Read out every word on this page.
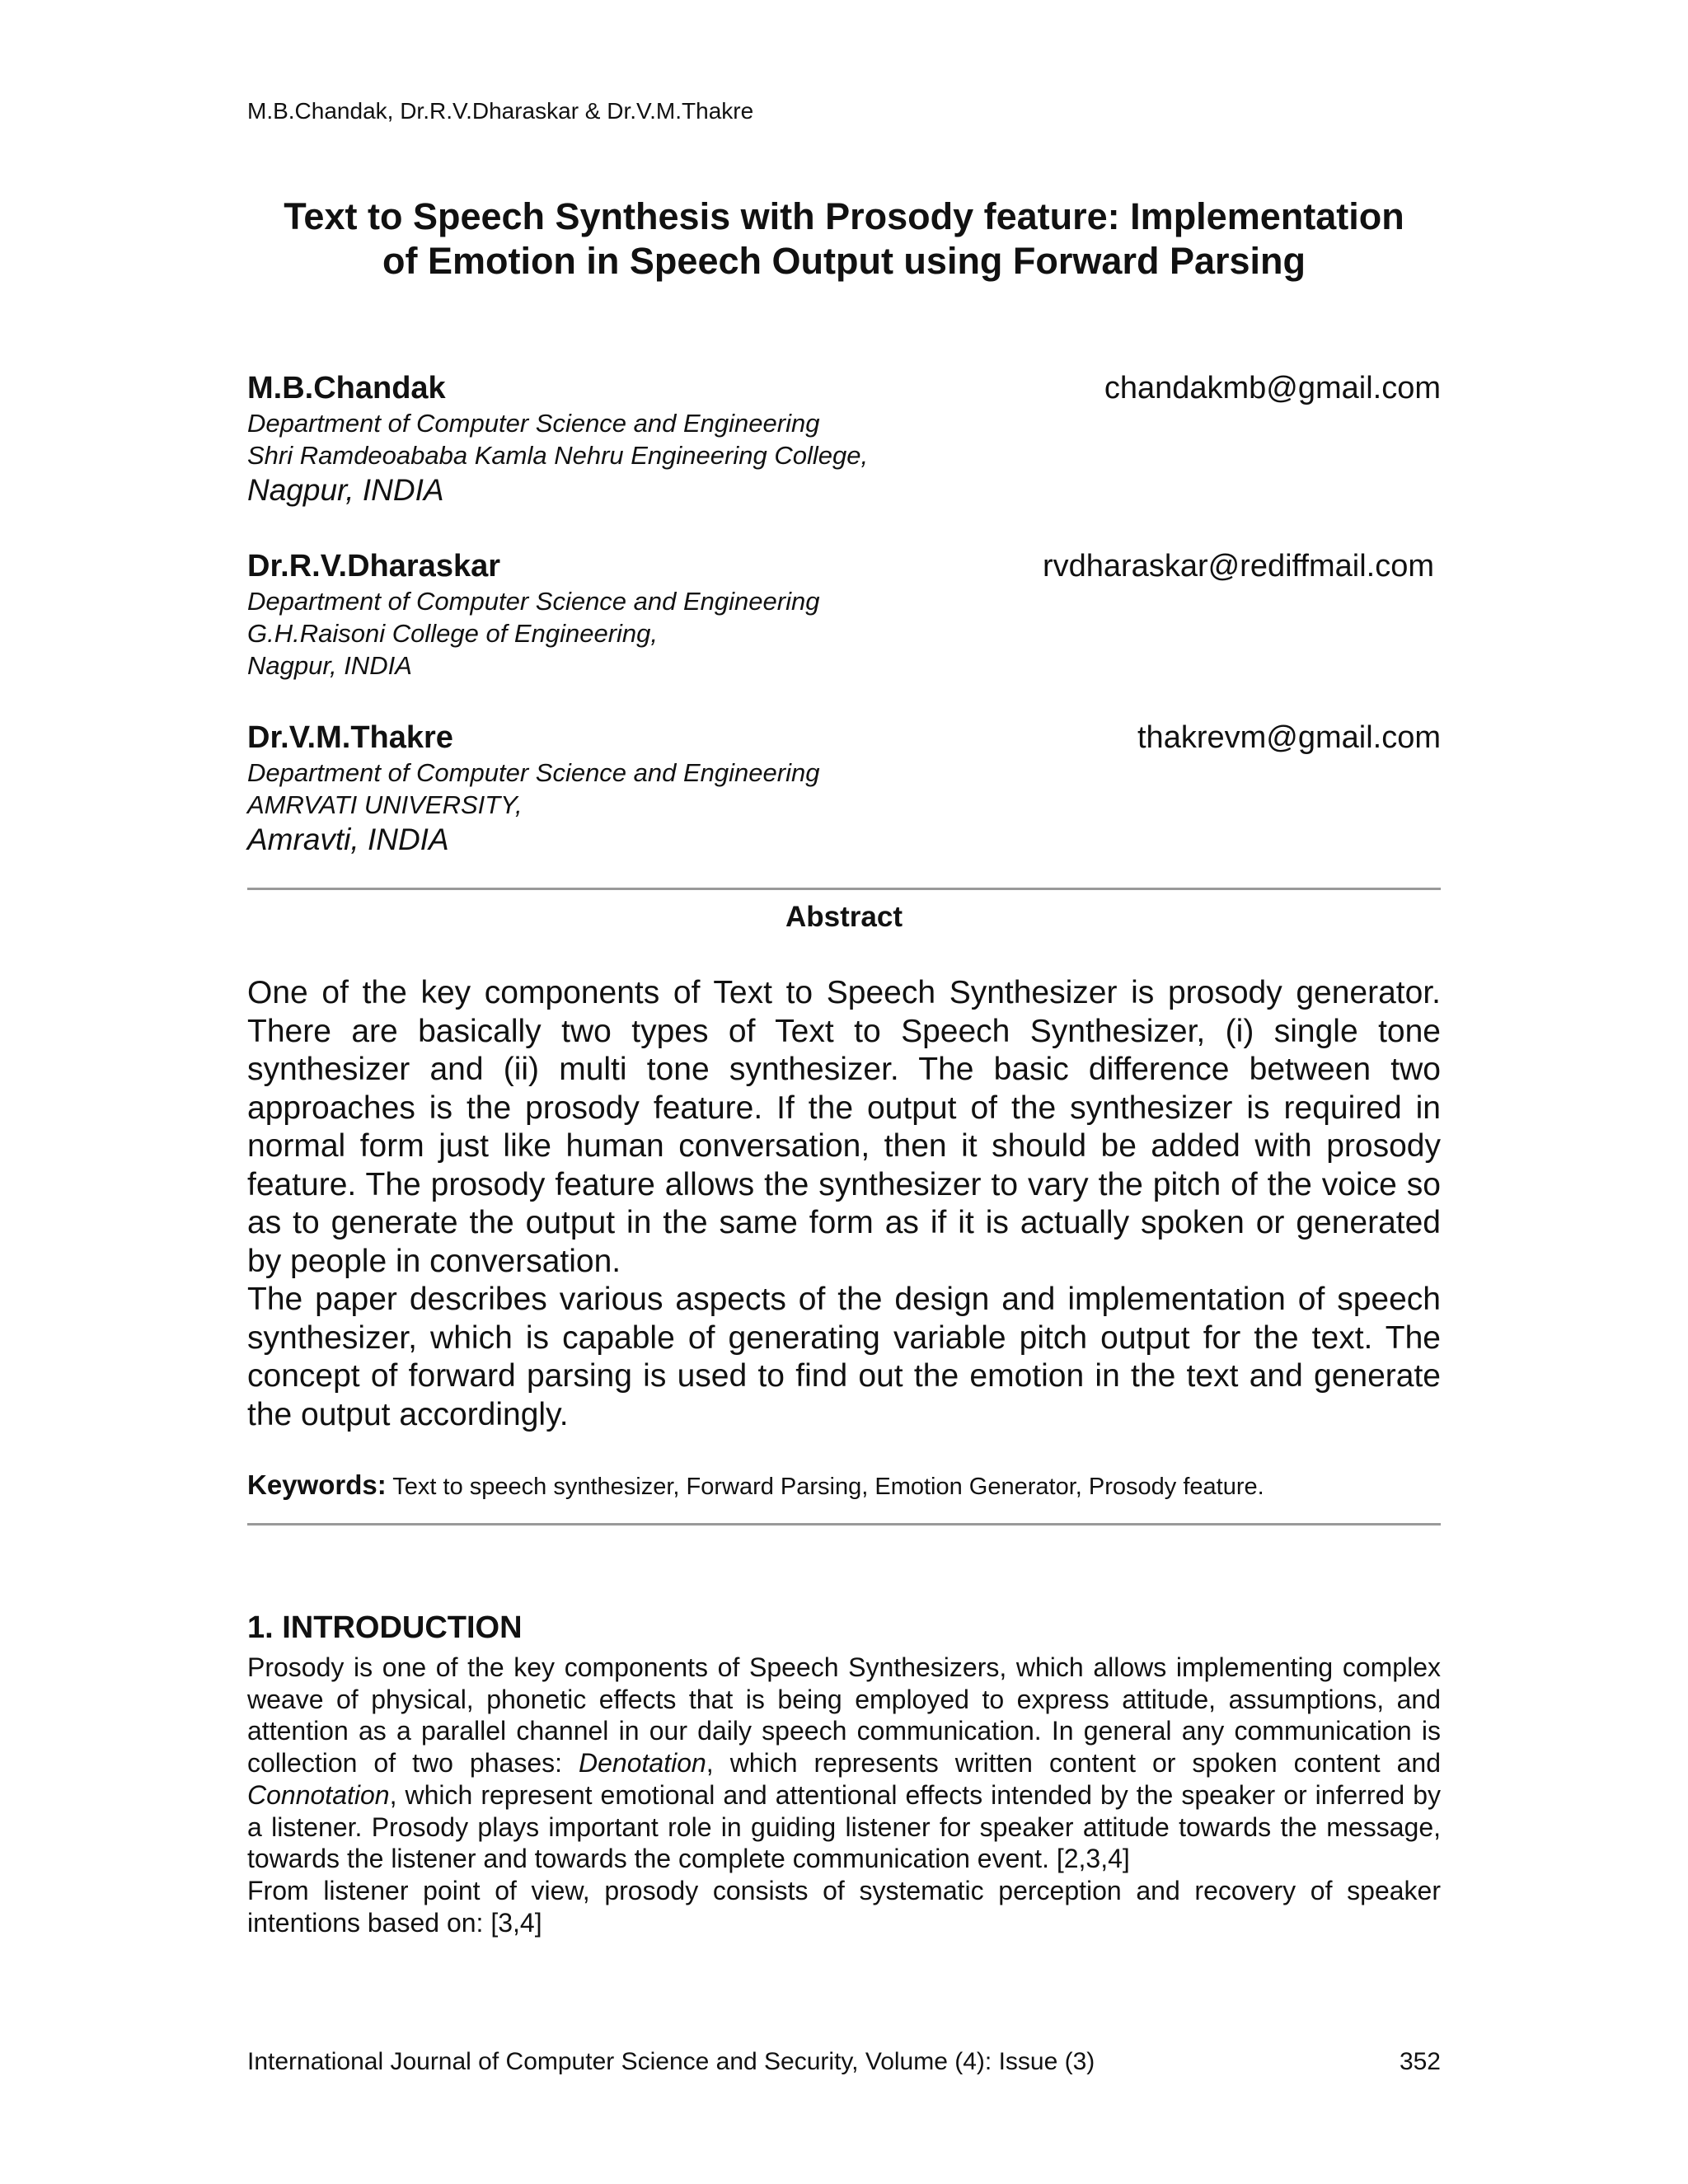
M.B.Chandak, Dr.R.V.Dharaskar & Dr.V.M.Thakre
Text to Speech Synthesis with Prosody feature: Implementation
of Emotion in Speech Output using Forward Parsing
M.B.Chandak	chandakmb@gmail.com
Department of Computer Science and Engineering
Shri Ramdeoababa Kamla Nehru Engineering College,
Nagpur, INDIA
Dr.R.V.Dharaskar	rvdharaskar@rediffmail.com
Department of Computer Science and Engineering
G.H.Raisoni College of Engineering,
Nagpur, INDIA
Dr.V.M.Thakre	thakrevm@gmail.com
Department of Computer Science and Engineering
AMRVATI UNIVERSITY,
Amravti, INDIA
Abstract

One of the key components of Text to Speech Synthesizer is prosody generator. There are basically two types of Text to Speech Synthesizer, (i) single tone synthesizer and (ii) multi tone synthesizer. The basic difference between two approaches is the prosody feature. If the output of the synthesizer is required in normal form just like human conversation, then it should be added with prosody feature. The prosody feature allows the synthesizer to vary the pitch of the voice so as to generate the output in the same form as if it is actually spoken or generated by people in conversation.

The paper describes various aspects of the design and implementation of speech synthesizer, which is capable of generating variable pitch output for the text. The concept of forward parsing is used to find out the emotion in the text and generate the output accordingly.

Keywords: Text to speech synthesizer, Forward Parsing, Emotion Generator, Prosody feature.
1. INTRODUCTION

Prosody is one of the key components of Speech Synthesizers, which allows implementing complex weave of physical, phonetic effects that is being employed to express attitude, assumptions, and attention as a parallel channel in our daily speech communication. In general any communication is collection of two phases: Denotation, which represents written content or spoken content and Connotation, which represent emotional and attentional effects intended by the speaker or inferred by a listener. Prosody plays important role in guiding listener for speaker attitude towards the message, towards the listener and towards the complete communication event. [2,3,4]

From listener point of view, prosody consists of systematic perception and recovery of speaker intentions based on: [3,4]

International Journal of Computer Science and Security, Volume (4): Issue (3)	352
